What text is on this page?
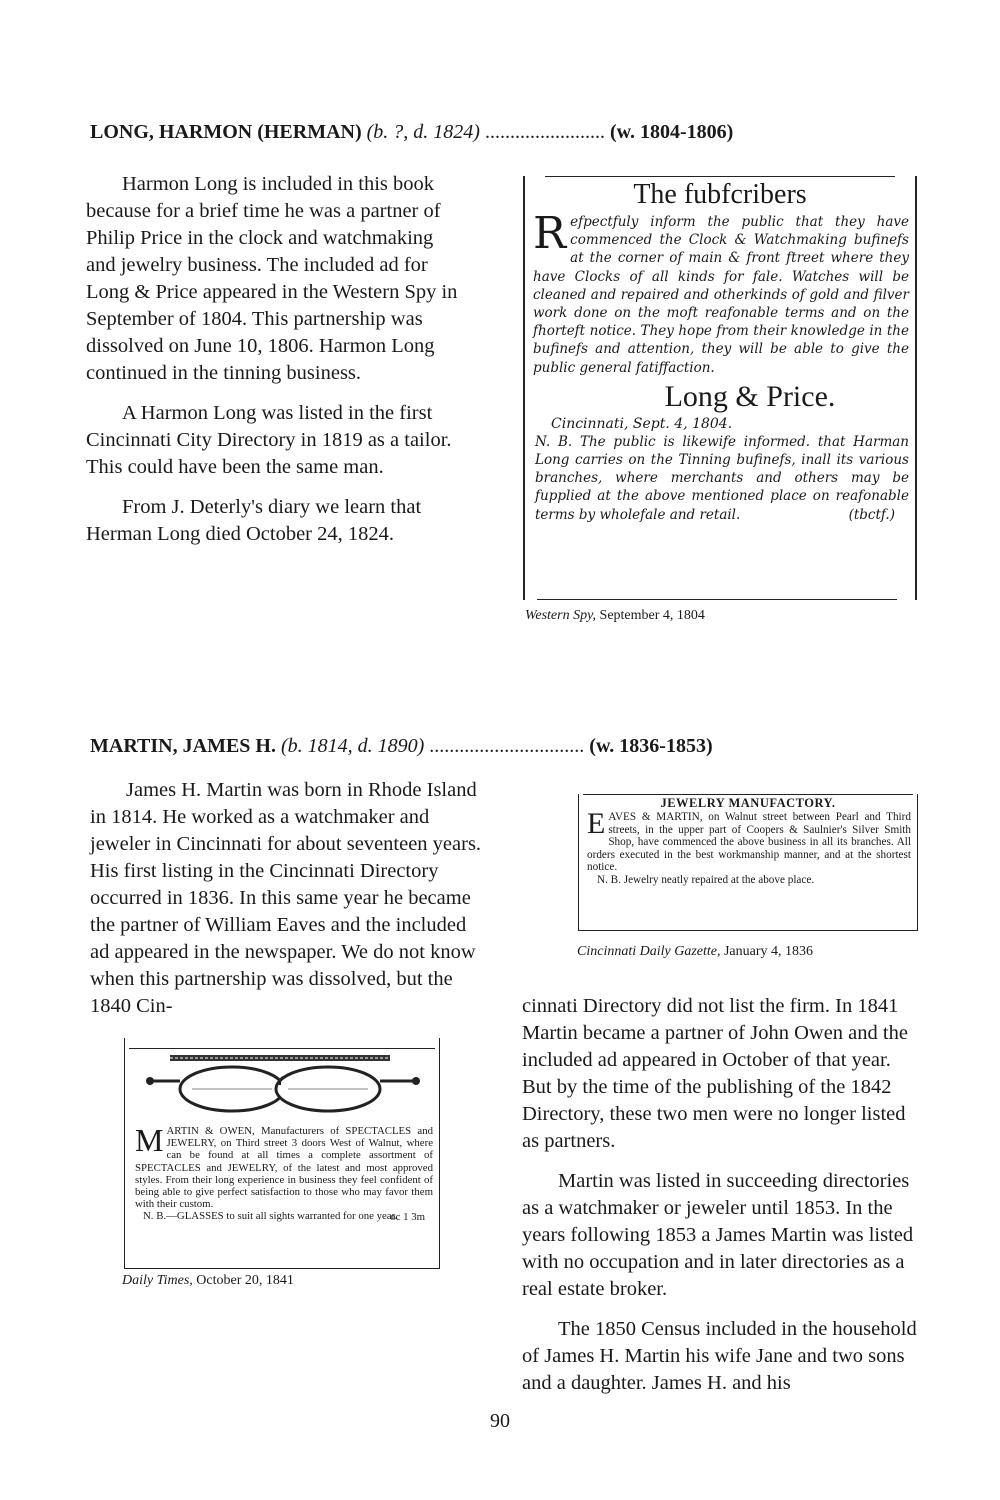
LONG, HARMON (HERMAN) (b. ?, d. 1824) ........................ (w. 1804-1806)

Harmon Long is included in this book because for a brief time he was a partner of Philip Price in the clock and watchmaking and jewelry business. The included ad for Long & Price appeared in the Western Spy in September of 1804. This partnership was dissolved on June 10, 1806. Harmon Long continued in the tinning business.

A Harmon Long was listed in the first Cincinnati City Directory in 1819 as a tailor. This could have been the same man.

From J. Deterly's diary we learn that Herman Long died October 24, 1824.

The fubfcribers
Refpectfuly inform the public that they have commenced the Clock & Watchmaking bufinefs at the corner of main & front ftreet where they have Clocks of all kinds for fale. Watches will be cleaned and repaired and otherkinds of gold and filver work done on the moft reafonable terms and on the fhorteft notice. They hope from their knowledge in the bufinefs and attention, they will be able to give the public general fatiffaction.
Long & Price.
Cincinnati, Sept. 4, 1804.
N. B. The public is likewife informed. that Harman Long carries on the Tinning bufinefs, inall its various branches, where merchants and others may be fupplied at the above mentioned place on reafonable terms by wholefale and retail.	(tbctf.)
Western Spy, September 4, 1804
MARTIN, JAMES H. (b. 1814, d. 1890) ............................... (w. 1836-1853)

James H. Martin was born in Rhode Island in 1814. He worked as a watchmaker and jeweler in Cincinnati for about seventeen years. His first listing in the Cincinnati Directory occurred in 1836. In this same year he became the partner of William Eaves and the included ad appeared in the newspaper. We do not know when this partnership was dissolved, but the 1840 Cin-

JEWELRY MANUFACTORY.
EAVES & MARTIN, on Walnut street between Pearl and Third streets, in the upper part of Coopers & Saulnier's Silver Smith Shop, have commenced the above business in all its branches. All orders executed in the best workmanship manner, and at the shortest notice.
N. B. Jewelry neatly repaired at the above place.
Cincinnati Daily Gazette, January 4, 1836
MARTIN & OWEN, Manufacturers of SPECTACLES and JEWELRY, on Third street 3 doors West of Walnut, where can be found at all times a complete assortment of SPECTACLES and JEWELRY, of the latest and most approved styles. From their long experience in business they feel confident of being able to give perfect satisfaction to those who may favor them with their custom.
N. B.—GLASSES to suit all sights warranted for one year.
oc 1 3m
Daily Times, October 20, 1841

cinnati Directory did not list the firm. In 1841 Martin became a partner of John Owen and the included ad appeared in October of that year. But by the time of the publishing of the 1842 Directory, these two men were no longer listed as partners.

Martin was listed in succeeding directories as a watchmaker or jeweler until 1853. In the years following 1853 a James Martin was listed with no occupation and in later directories as a real estate broker.

The 1850 Census included in the household of James H. Martin his wife Jane and two sons and a daughter. James H. and his

90
